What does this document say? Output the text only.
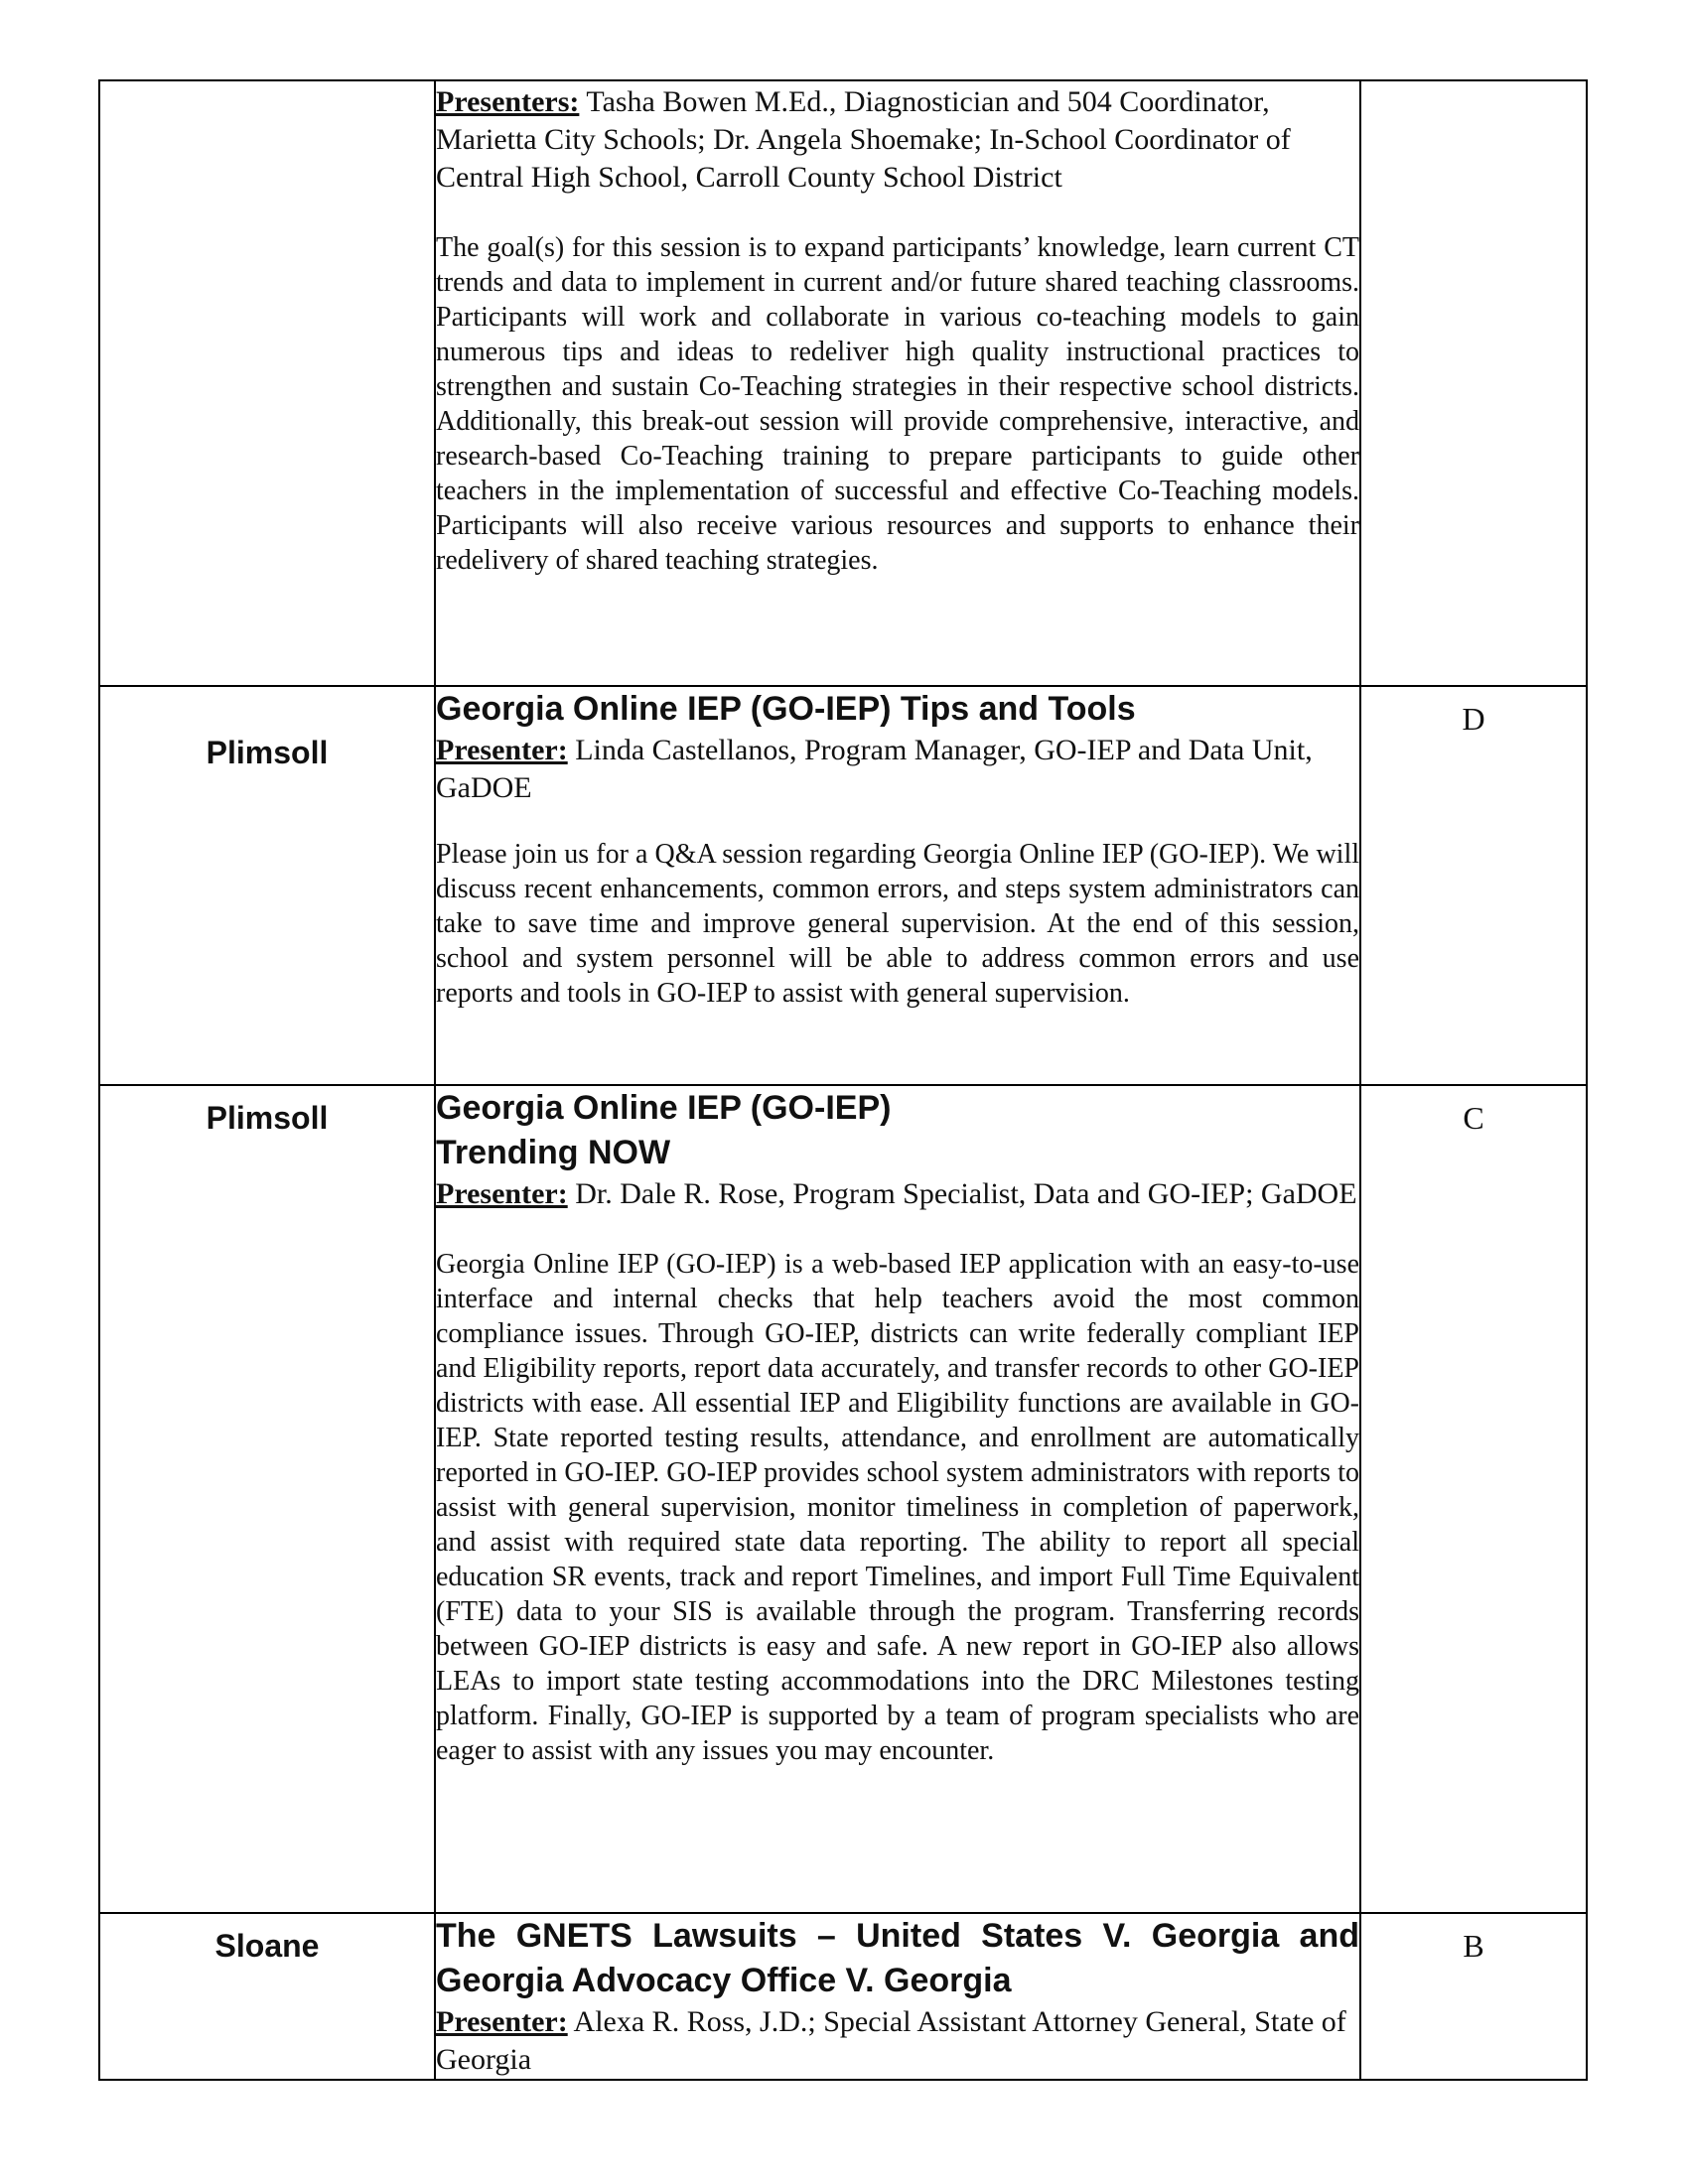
	Presenters: Tasha Bowen M.Ed., Diagnostician and 504 Coordinator, Marietta City Schools; Dr. Angela Shoemake; In-School Coordinator of Central High School, Carroll County School District

The goal(s) for this session is to expand participants’ knowledge, learn current CT trends and data to implement in current and/or future shared teaching classrooms. Participants will work and collaborate in various co-teaching models to gain numerous tips and ideas to redeliver high quality instructional practices to strengthen and sustain Co-Teaching strategies in their respective school districts. Additionally, this break-out session will provide comprehensive, interactive, and research-based Co-Teaching training to prepare participants to guide other teachers in the implementation of successful and effective Co-Teaching models. Participants will also receive various resources and supports to enhance their redelivery of shared teaching strategies.	

Plimsoll	Georgia Online IEP (GO-IEP) Tips and Tools

Presenter: Linda Castellanos, Program Manager, GO-IEP and Data Unit, GaDOE

Please join us for a Q&A session regarding Georgia Online IEP (GO-IEP). We will discuss recent enhancements, common errors, and steps system administrators can take to save time and improve general supervision. At the end of this session, school and system personnel will be able to address common errors and use reports and tools in GO-IEP to assist with general supervision.	D

Plimsoll	Georgia Online IEP (GO-IEP)
Trending NOW

Presenter: Dr. Dale R. Rose, Program Specialist, Data and GO-IEP; GaDOE

Georgia Online IEP (GO-IEP) is a web-based IEP application with an easy-to-use interface and internal checks that help teachers avoid the most common compliance issues. Through GO-IEP, districts can write federally compliant IEP and Eligibility reports, report data accurately, and transfer records to other GO-IEP districts with ease. All essential IEP and Eligibility functions are available in GO-IEP. State reported testing results, attendance, and enrollment are automatically reported in GO-IEP. GO-IEP provides school system administrators with reports to assist with general supervision, monitor timeliness in completion of paperwork, and assist with required state data reporting. The ability to report all special education SR events, track and report Timelines, and import Full Time Equivalent (FTE) data to your SIS is available through the program. Transferring records between GO-IEP districts is easy and safe. A new report in GO-IEP also allows LEAs to import state testing accommodations into the DRC Milestones testing platform. Finally, GO-IEP is supported by a team of program specialists who are eager to assist with any issues you may encounter.	C

Sloane	The GNETS Lawsuits – United States V. Georgia and Georgia Advocacy Office V. Georgia

Presenter: Alexa R. Ross, J.D.; Special Assistant Attorney General, State of Georgia	B
